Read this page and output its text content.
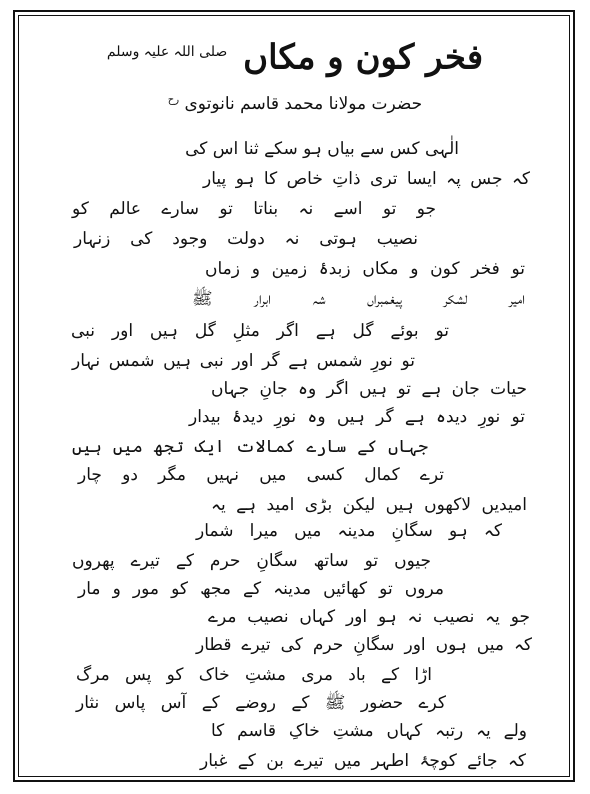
فخر کون و مکاں $^{صلی اللہ علیہ وسلم}$
حضرت مولانا محمد قاسم نانوتوی $^{رح}$
الٰہی کس سے بیاں ہو سکے ثنا اس کی
کہ جس پہ ایسا تری ذاتِ خاص کا ہو پیار
جو تو اسے نہ بناتا تو سارے عالم کو
نصیب ہوتی نہ دولت وجود کی زنہار
تو فخر کون و مکاں زبدۂ زمین و زماں
امیر لشکر پیغمبراں شہ ابرار ﷺ
تو بوئے گل ہے اگر مثلِ گل ہیں اور نبی
تو نورِ شمس ہے گر اور نبی ہیں شمس نہار
حیات جان ہے تو ہیں اگر وہ جانِ جہاں
تو نورِ دیدہ ہے گر ہیں وہ نورِ دیدۂ بیدار
جہاں کے سارے کمالات ایک تجھ میں ہیں
ترے کمال کسی میں نہیں مگر دو چار
امیدیں لاکھوں ہیں لیکن بڑی امید ہے یہ
کہ ہو سگانِ مدینہ میں میرا شمار
جیوں تو ساتھ سگانِ حرم کے تیرے پھروں
مروں تو کھائیں مدینہ کے مجھ کو مور و مار
جو یہ نصیب نہ ہو اور کہاں نصیب مرے
کہ میں ہوں اور سگانِ حرم کی تیرے قطار
اڑا کے باد مری مشتِ خاک کو پس مرگ
کرے حضور ﷺ کے روضے کے آس پاس نثار
ولے یہ رتبہ کہاں مشتِ خاکِ قاسم کا
کہ جائے کوچۂ اطہر میں تیرے بن کے غبار
